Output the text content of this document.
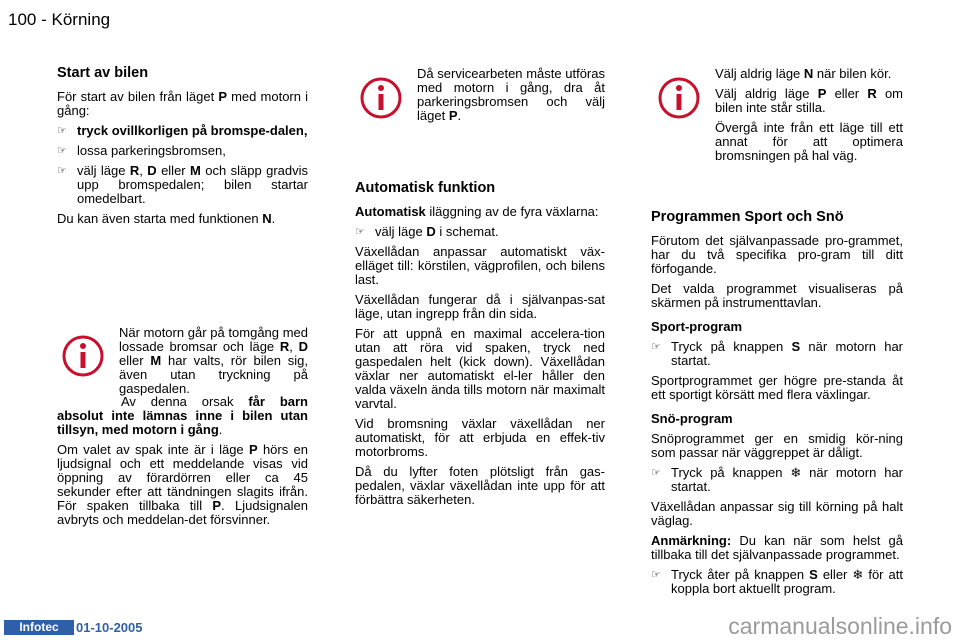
100 - Körning
Start av bilen

För start av bilen från läget P med motorn i gång:

☞ tryck ovillkorligen på bromspe-dalen,
☞ lossa parkeringsbromsen,
☞ välj läge R, D eller M och släpp gradvis upp bromspedalen; bilen startar omedelbart.

Du kan även starta med funktionen N.

När motorn går på tomgång med lossade bromsar och läge R, D eller M har valts, rör bilen sig, även utan tryckning på gaspedalen.

Av denna orsak får barn absolut inte lämnas inne i bilen utan tillsyn, med motorn i gång.

Om valet av spak inte är i läge P hörs en ljudsignal och ett meddelande visas vid öppning av förardörren eller ca 45 sekunder efter att tändningen slagits ifrån. För spaken tillbaka till P. Ljudsignalen avbryts och meddelan-det försvinner.

Då servicearbeten måste utföras med motorn i gång, dra åt parkeringsbromsen och välj läget P.

Automatisk funktion

Automatisk iläggning av de fyra växlarna:

☞ välj läge D i schemat.

Växellådan anpassar automatiskt väx-elläget till: körstilen, vägprofilen, och bilens last.

Växellådan fungerar då i självanpas-sat läge, utan ingrepp från din sida.

För att uppnå en maximal accelera-tion utan att röra vid spaken, tryck ned gaspedalen helt (kick down). Växellådan växlar ner automatiskt el-ler håller den valda växeln ända tills motorn när maximalt varvtal.

Vid bromsning växlar växellådan ner automatiskt, för att erbjuda en effek-tiv motorbroms.

Då du lyfter foten plötsligt från gas-pedalen, växlar växellådan inte upp för att förbättra säkerheten.

Välj aldrig läge N när bilen kör.

Välj aldrig läge P eller R om bilen inte står stilla.

Övergå inte från ett läge till ett annat för att optimera bromsningen på hal väg.

Programmen Sport och Snö

Förutom det självanpassade pro-grammet, har du två specifika pro-gram till ditt förfogande.

Det valda programmet visualiseras på skärmen på instrumenttavlan.

Sport-program
☞ Tryck på knappen S när motorn har startat.

Sportprogrammet ger högre pre-standa åt ett sportigt körsätt med flera växlingar.

Snö-program

Snöprogrammet ger en smidig kör-ning som passar när väggreppet är dåligt.

☞ Tryck på knappen ❄ när motorn har startat.

Växellådan anpassar sig till körning på halt väglag.

Anmärkning: Du kan när som helst gå tillbaka till det självanpassade programmet.

☞ Tryck åter på knappen S eller ❄ för att koppla bort aktuellt program.
Infotec	01-10-2005	carmanualsonline.info
